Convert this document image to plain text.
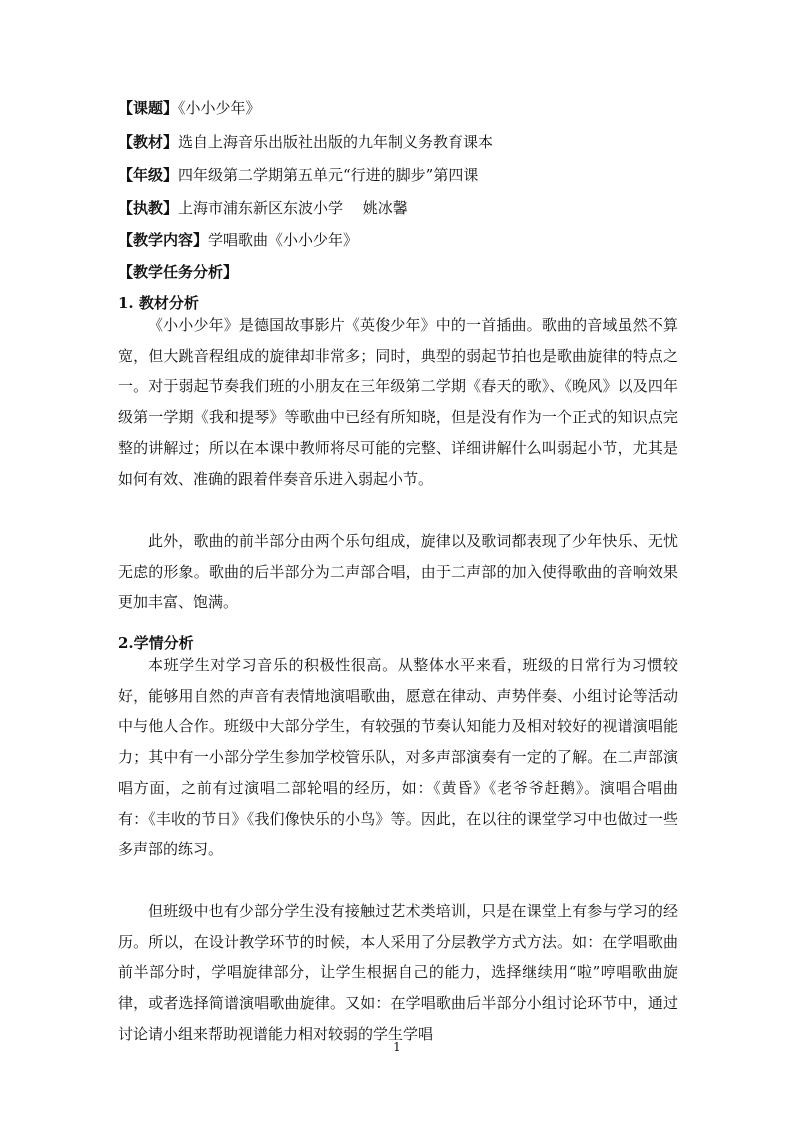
【课题】《小小少年》
【教材】选自上海音乐出版社出版的九年制义务教育课本
【年级】四年级第二学期第五单元“行进的脚步”第四课
【执教】上海市浦东新区东波小学　 姚冰馨
【教学内容】学唱歌曲《小小少年》
【教学任务分析】
1. 教材分析

《小小少年》是德国故事影片《英俊少年》中的一首插曲。歌曲的音域虽然不算宽，但大跳音程组成的旋律却非常多；同时，典型的弱起节拍也是歌曲旋律的特点之一。对于弱起节奏我们班的小朋友在三年级第二学期《春天的歌》、《晚风》以及四年级第一学期《我和提琴》等歌曲中已经有所知晓，但是没有作为一个正式的知识点完整的讲解过；所以在本课中教师将尽可能的完整、详细讲解什么叫弱起小节，尤其是如何有效、准确的跟着伴奏音乐进入弱起小节。

此外，歌曲的前半部分由两个乐句组成，旋律以及歌词都表现了少年快乐、无忧无虑的形象。歌曲的后半部分为二声部合唱，由于二声部的加入使得歌曲的音响效果更加丰富、饱满。

2.学情分析

本班学生对学习音乐的积极性很高。从整体水平来看，班级的日常行为习惯较好，能够用自然的声音有表情地演唱歌曲，愿意在律动、声势伴奏、小组讨论等活动中与他人合作。班级中大部分学生，有较强的节奏认知能力及相对较好的视谱演唱能力；其中有一小部分学生参加学校管乐队，对多声部演奏有一定的了解。在二声部演唱方面，之前有过演唱二部轮唱的经历，如：《黄昏》《老爷爷赶鹅》。演唱合唱曲有：《丰收的节日》《我们像快乐的小鸟》等。因此，在以往的课堂学习中也做过一些多声部的练习。

但班级中也有少部分学生没有接触过艺术类培训，只是在课堂上有参与学习的经历。所以，在设计教学环节的时候，本人采用了分层教学方式方法。如：在学唱歌曲前半部分时，学唱旋律部分，让学生根据自己的能力，选择继续用“啦”哼唱歌曲旋律，或者选择简谱演唱歌曲旋律。又如：在学唱歌曲后半部分小组讨论环节中，通过讨论请小组来帮助视谱能力相对较弱的学生学唱

1
